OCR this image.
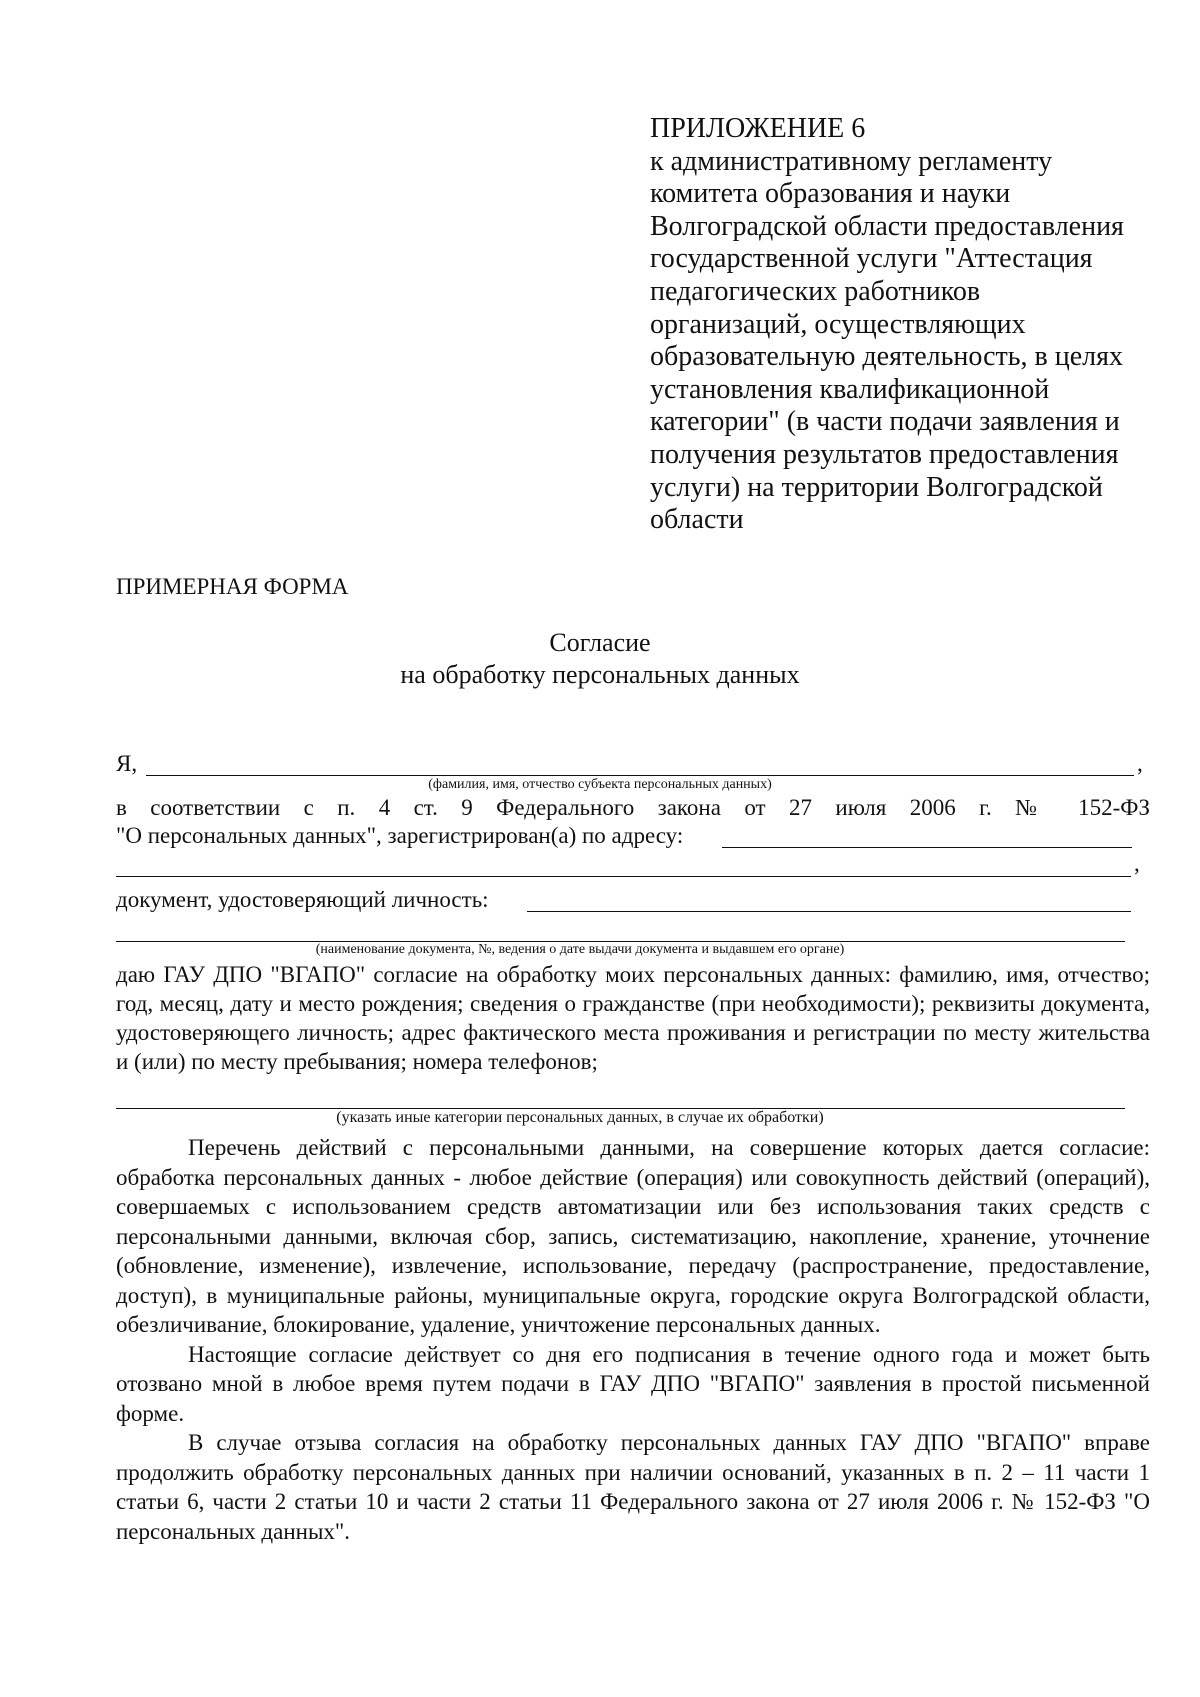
ПРИЛОЖЕНИЕ 6
к административному регламенту
комитета образования и науки
Волгоградской области предоставления
государственной услуги "Аттестация
педагогических работников
организаций, осуществляющих
образовательную деятельность, в целях
установления квалификационной
категории" (в части подачи заявления и
получения результатов предоставления
услуги) на территории Волгоградской
области
ПРИМЕРНАЯ ФОРМА
Согласие
на обработку персональных данных
Я,	,
(фамилия, имя, отчество субъекта персональных данных)
в соответствии с п. 4 ст. 9 Федерального закона от 27 июля 2006 г. № 152-ФЗ
"О персональных данных", зарегистрирован(а) по адресу:
,
документ, удостоверяющий личность:
(наименование документа, №, ведения о дате выдачи документа и выдавшем его органе)
даю ГАУ ДПО "ВГАПО" согласие на обработку моих персональных данных: фамилию, имя, отчество; год, месяц, дату и место рождения; сведения о гражданстве (при необходимости); реквизиты документа, удостоверяющего личность; адрес фактического места проживания и регистрации по месту жительства и (или) по месту пребывания; номера телефонов;
(указать иные категории персональных данных, в случае их обработки)

Перечень действий с персональными данными, на совершение которых дается согласие: обработка персональных данных - любое действие (операция) или совокупность действий (операций), совершаемых с использованием средств автоматизации или без использования таких средств с персональными данными, включая сбор, запись, систематизацию, накопление, хранение, уточнение (обновление, изменение), извлечение, использование, передачу (распространение, предоставление, доступ), в муниципальные районы, муниципальные округа, городские округа Волгоградской области, обезличивание, блокирование, удаление, уничтожение персональных данных.

Настоящие согласие действует со дня его подписания в течение одного года и может быть отозвано мной в любое время путем подачи в ГАУ ДПО "ВГАПО" заявления в простой письменной форме.

В случае отзыва согласия на обработку персональных данных ГАУ ДПО "ВГАПО" вправе продолжить обработку персональных данных при наличии оснований, указанных в п. 2 – 11 части 1 статьи 6, части 2 статьи 10 и части 2 статьи 11 Федерального закона от 27 июля 2006 г. № 152-ФЗ "О персональных данных".
